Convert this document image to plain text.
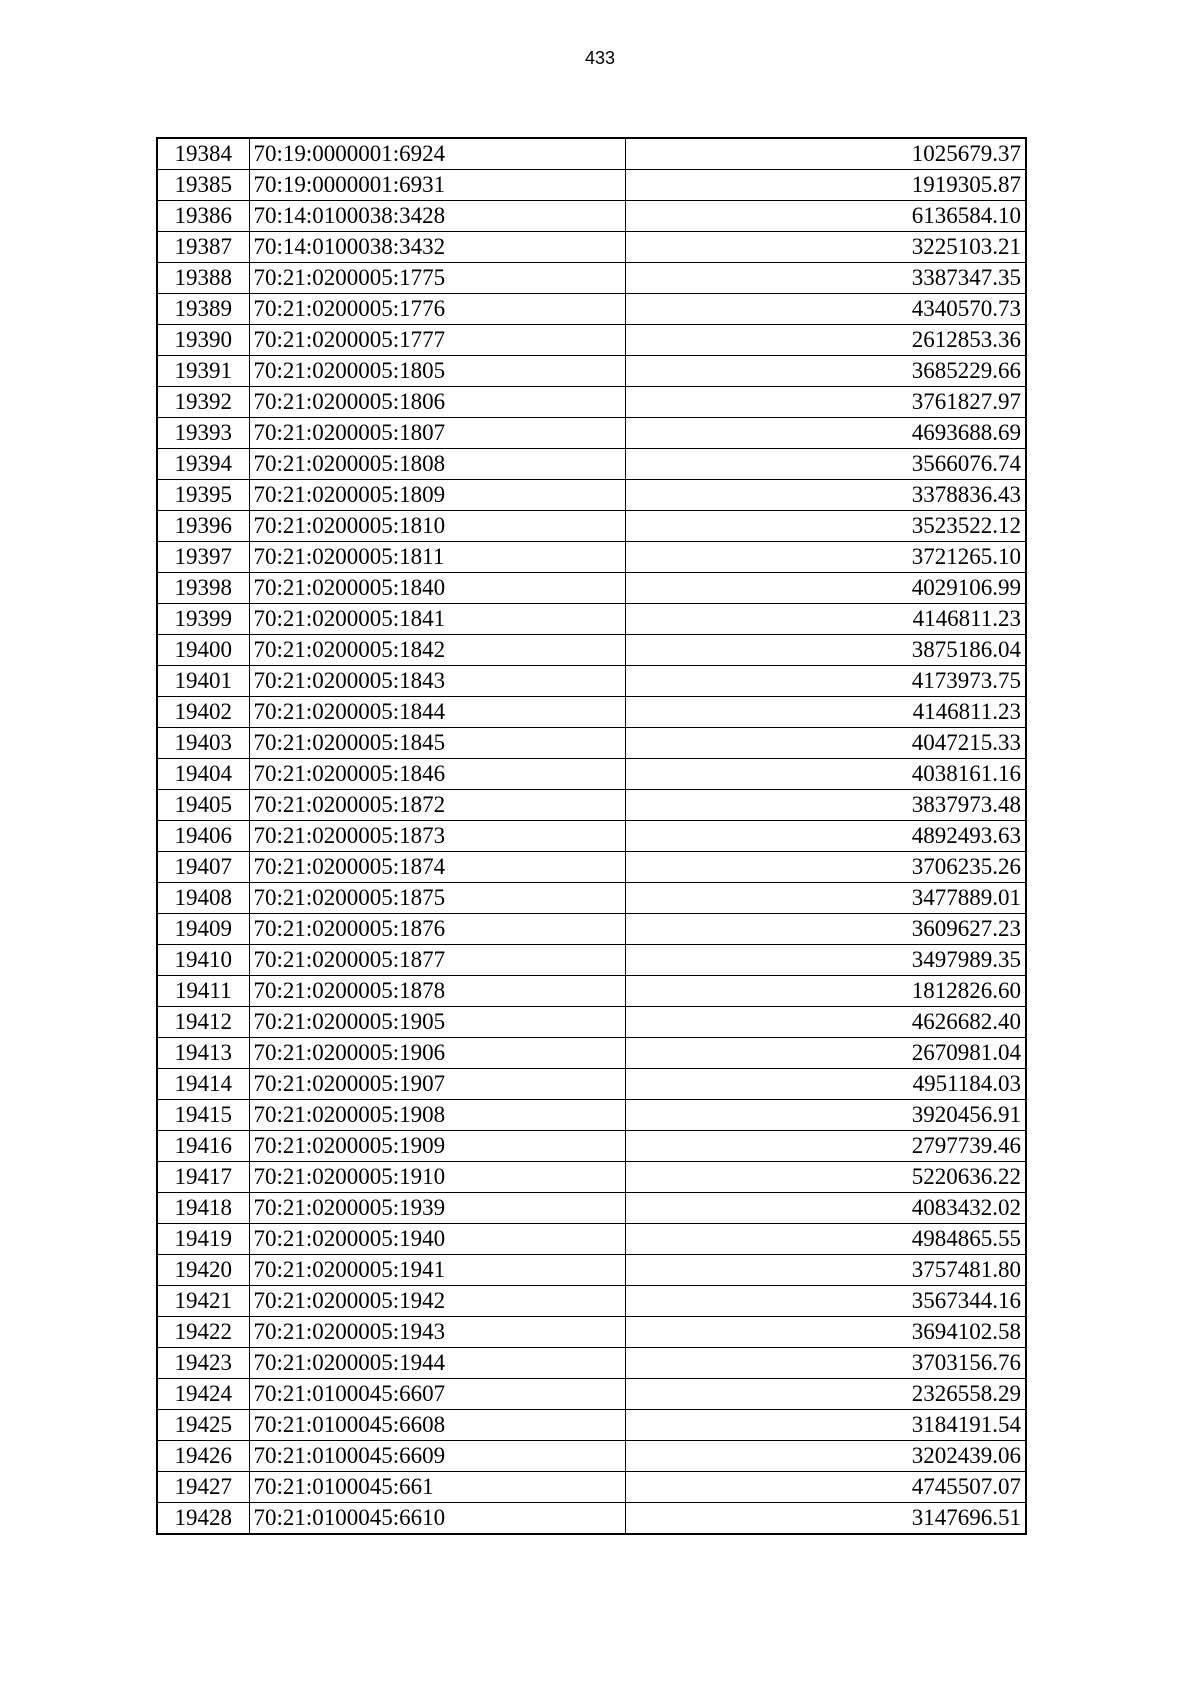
433
19384	70:19:0000001:6924	1025679.37
19385	70:19:0000001:6931	1919305.87
19386	70:14:0100038:3428	6136584.10
19387	70:14:0100038:3432	3225103.21
19388	70:21:0200005:1775	3387347.35
19389	70:21:0200005:1776	4340570.73
19390	70:21:0200005:1777	2612853.36
19391	70:21:0200005:1805	3685229.66
19392	70:21:0200005:1806	3761827.97
19393	70:21:0200005:1807	4693688.69
19394	70:21:0200005:1808	3566076.74
19395	70:21:0200005:1809	3378836.43
19396	70:21:0200005:1810	3523522.12
19397	70:21:0200005:1811	3721265.10
19398	70:21:0200005:1840	4029106.99
19399	70:21:0200005:1841	4146811.23
19400	70:21:0200005:1842	3875186.04
19401	70:21:0200005:1843	4173973.75
19402	70:21:0200005:1844	4146811.23
19403	70:21:0200005:1845	4047215.33
19404	70:21:0200005:1846	4038161.16
19405	70:21:0200005:1872	3837973.48
19406	70:21:0200005:1873	4892493.63
19407	70:21:0200005:1874	3706235.26
19408	70:21:0200005:1875	3477889.01
19409	70:21:0200005:1876	3609627.23
19410	70:21:0200005:1877	3497989.35
19411	70:21:0200005:1878	1812826.60
19412	70:21:0200005:1905	4626682.40
19413	70:21:0200005:1906	2670981.04
19414	70:21:0200005:1907	4951184.03
19415	70:21:0200005:1908	3920456.91
19416	70:21:0200005:1909	2797739.46
19417	70:21:0200005:1910	5220636.22
19418	70:21:0200005:1939	4083432.02
19419	70:21:0200005:1940	4984865.55
19420	70:21:0200005:1941	3757481.80
19421	70:21:0200005:1942	3567344.16
19422	70:21:0200005:1943	3694102.58
19423	70:21:0200005:1944	3703156.76
19424	70:21:0100045:6607	2326558.29
19425	70:21:0100045:6608	3184191.54
19426	70:21:0100045:6609	3202439.06
19427	70:21:0100045:661	4745507.07
19428	70:21:0100045:6610	3147696.51
